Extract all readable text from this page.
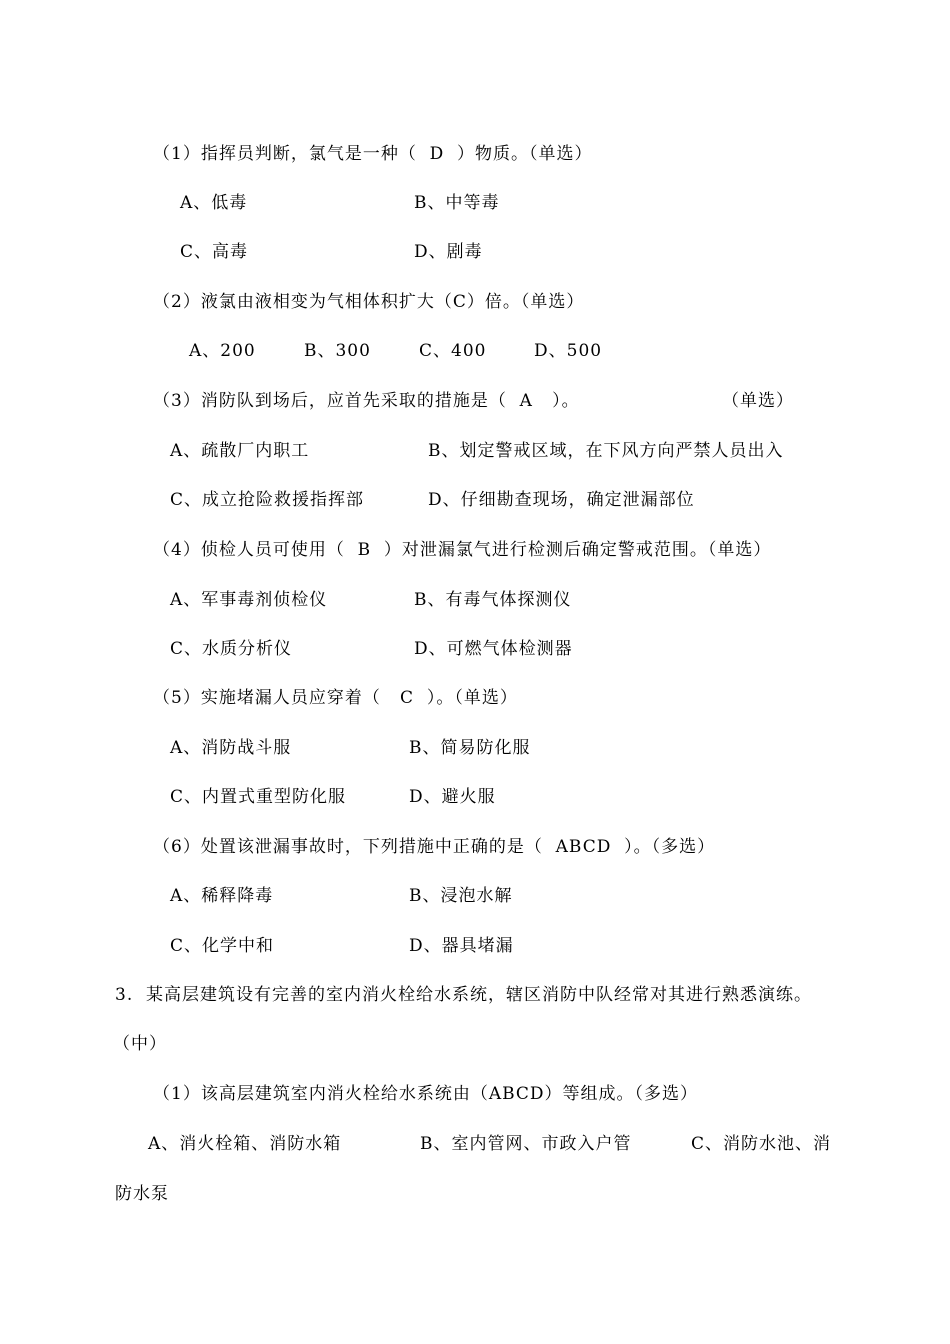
（1）指挥员判断，氯气是一种（  D  ）物质。（单选）
A、低毒	B、中等毒
C、高毒	D、剧毒
（2）液氯由液相变为气相体积扩大（C）倍。（单选）
A、200	B、300	C、400	D、500
（3）消防队到场后，应首先采取的措施是（  A   ）。	（单选）
A、疏散厂内职工	B、划定警戒区域，在下风方向严禁人员出入
C、成立抢险救援指挥部	D、仔细勘查现场，确定泄漏部位
（4）侦检人员可使用（  B  ）对泄漏氯气进行检测后确定警戒范围。（单选）
A、军事毒剂侦检仪	B、有毒气体探测仪
C、水质分析仪	D、可燃气体检测器
（5）实施堵漏人员应穿着（   C  ）。（单选）
A、消防战斗服	B、简易防化服
C、内置式重型防化服	D、避火服
（6）处置该泄漏事故时，下列措施中正确的是（  ABCD  ）。（多选）
A、稀释降毒	B、浸泡水解
C、化学中和	D、器具堵漏
3.  某高层建筑设有完善的室内消火栓给水系统，辖区消防中队经常对其进行熟悉演练。
（中）
（1）该高层建筑室内消火栓给水系统由（ABCD）等组成。（多选）
A、消火栓箱、消防水箱	B、室内管网、市政入户管	C、消防水池、消
防水泵
